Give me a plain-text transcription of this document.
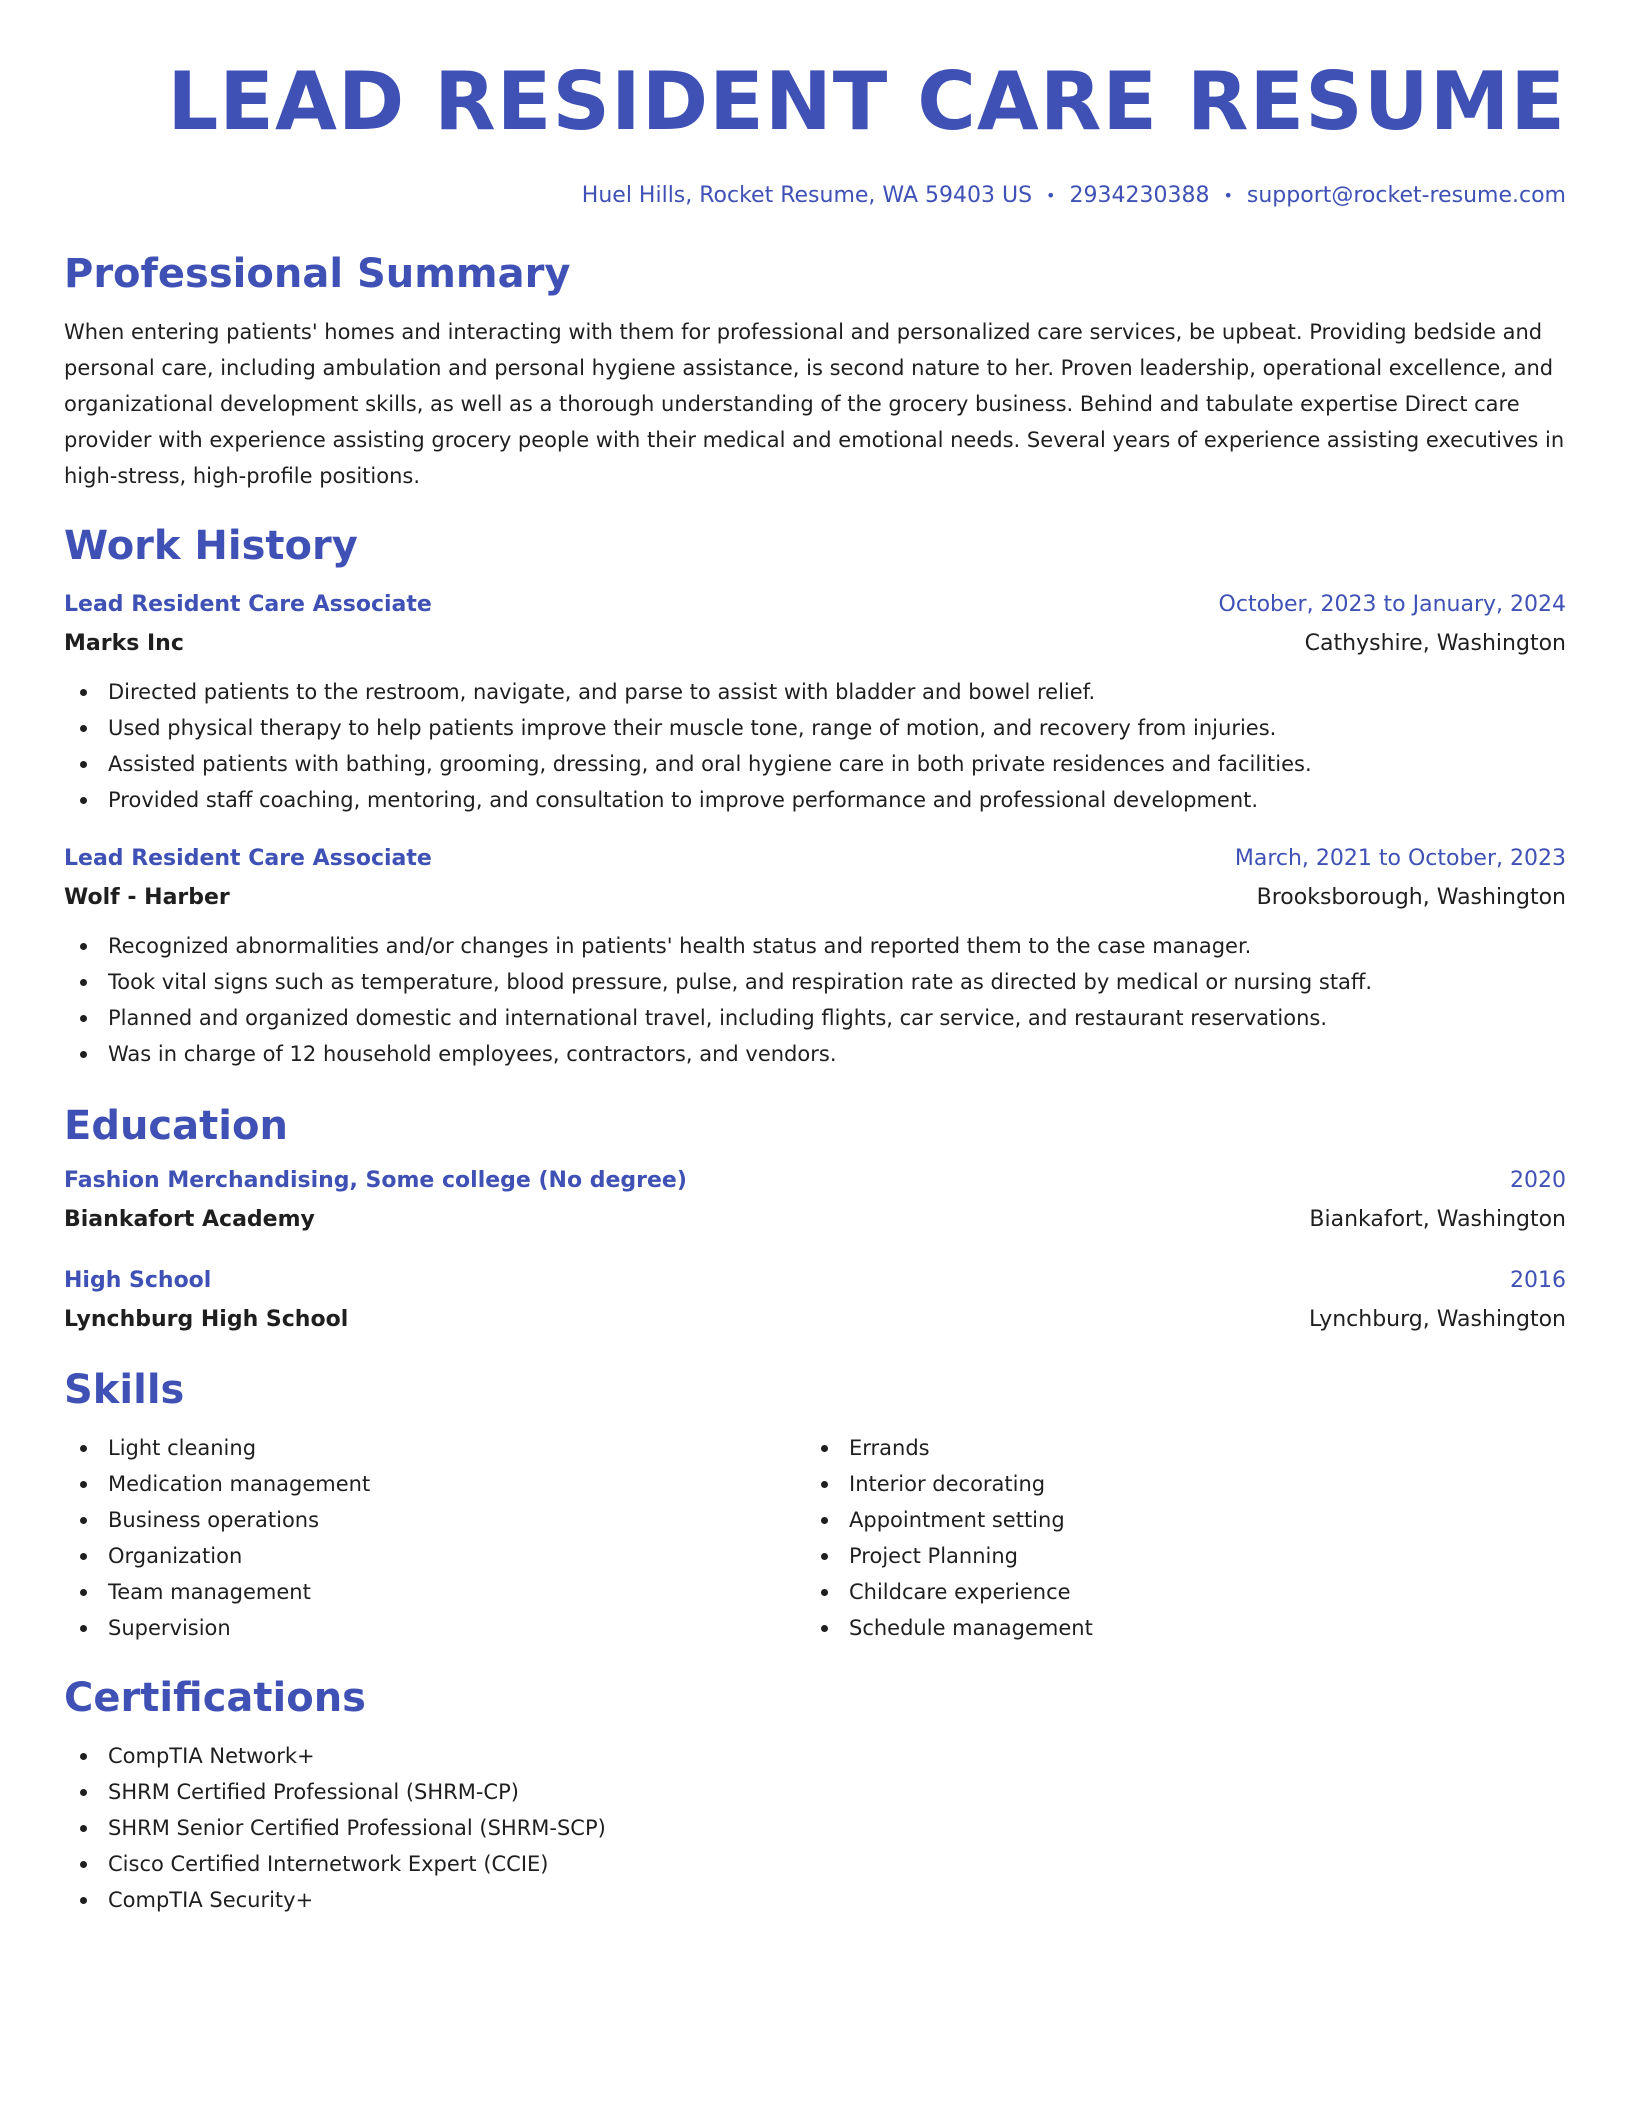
LEAD RESIDENT CARE RESUME
Huel Hills, Rocket Resume, WA 59403 US • 2934230388 • support@rocket-resume.com
Professional Summary

When entering patients' homes and interacting with them for professional and personalized care services, be upbeat. Providing bedside and personal care, including ambulation and personal hygiene assistance, is second nature to her. Proven leadership, operational excellence, and organizational development skills, as well as a thorough understanding of the grocery business. Behind and tabulate expertise Direct care provider with experience assisting grocery people with their medical and emotional needs. Several years of experience assisting executives in high-stress, high-profile positions.

Work History
Lead Resident Care Associate	October, 2023 to January, 2024
Marks Inc	Cathyshire, Washington
Directed patients to the restroom, navigate, and parse to assist with bladder and bowel relief.
Used physical therapy to help patients improve their muscle tone, range of motion, and recovery from injuries.
Assisted patients with bathing, grooming, dressing, and oral hygiene care in both private residences and facilities.
Provided staff coaching, mentoring, and consultation to improve performance and professional development.
Lead Resident Care Associate	March, 2021 to October, 2023
Wolf - Harber	Brooksborough, Washington
Recognized abnormalities and/or changes in patients' health status and reported them to the case manager.
Took vital signs such as temperature, blood pressure, pulse, and respiration rate as directed by medical or nursing staff.
Planned and organized domestic and international travel, including flights, car service, and restaurant reservations.
Was in charge of 12 household employees, contractors, and vendors.
Education
Fashion Merchandising, Some college (No degree)	2020
Biankafort Academy	Biankafort, Washington
High School	2016
Lynchburg High School	Lynchburg, Washington
Skills
Light cleaning
Medication management
Business operations
Organization
Team management
Supervision
Errands
Interior decorating
Appointment setting
Project Planning
Childcare experience
Schedule management
Certifications
CompTIA Network+
SHRM Certified Professional (SHRM-CP)
SHRM Senior Certified Professional (SHRM-SCP)
Cisco Certified Internetwork Expert (CCIE)
CompTIA Security+
